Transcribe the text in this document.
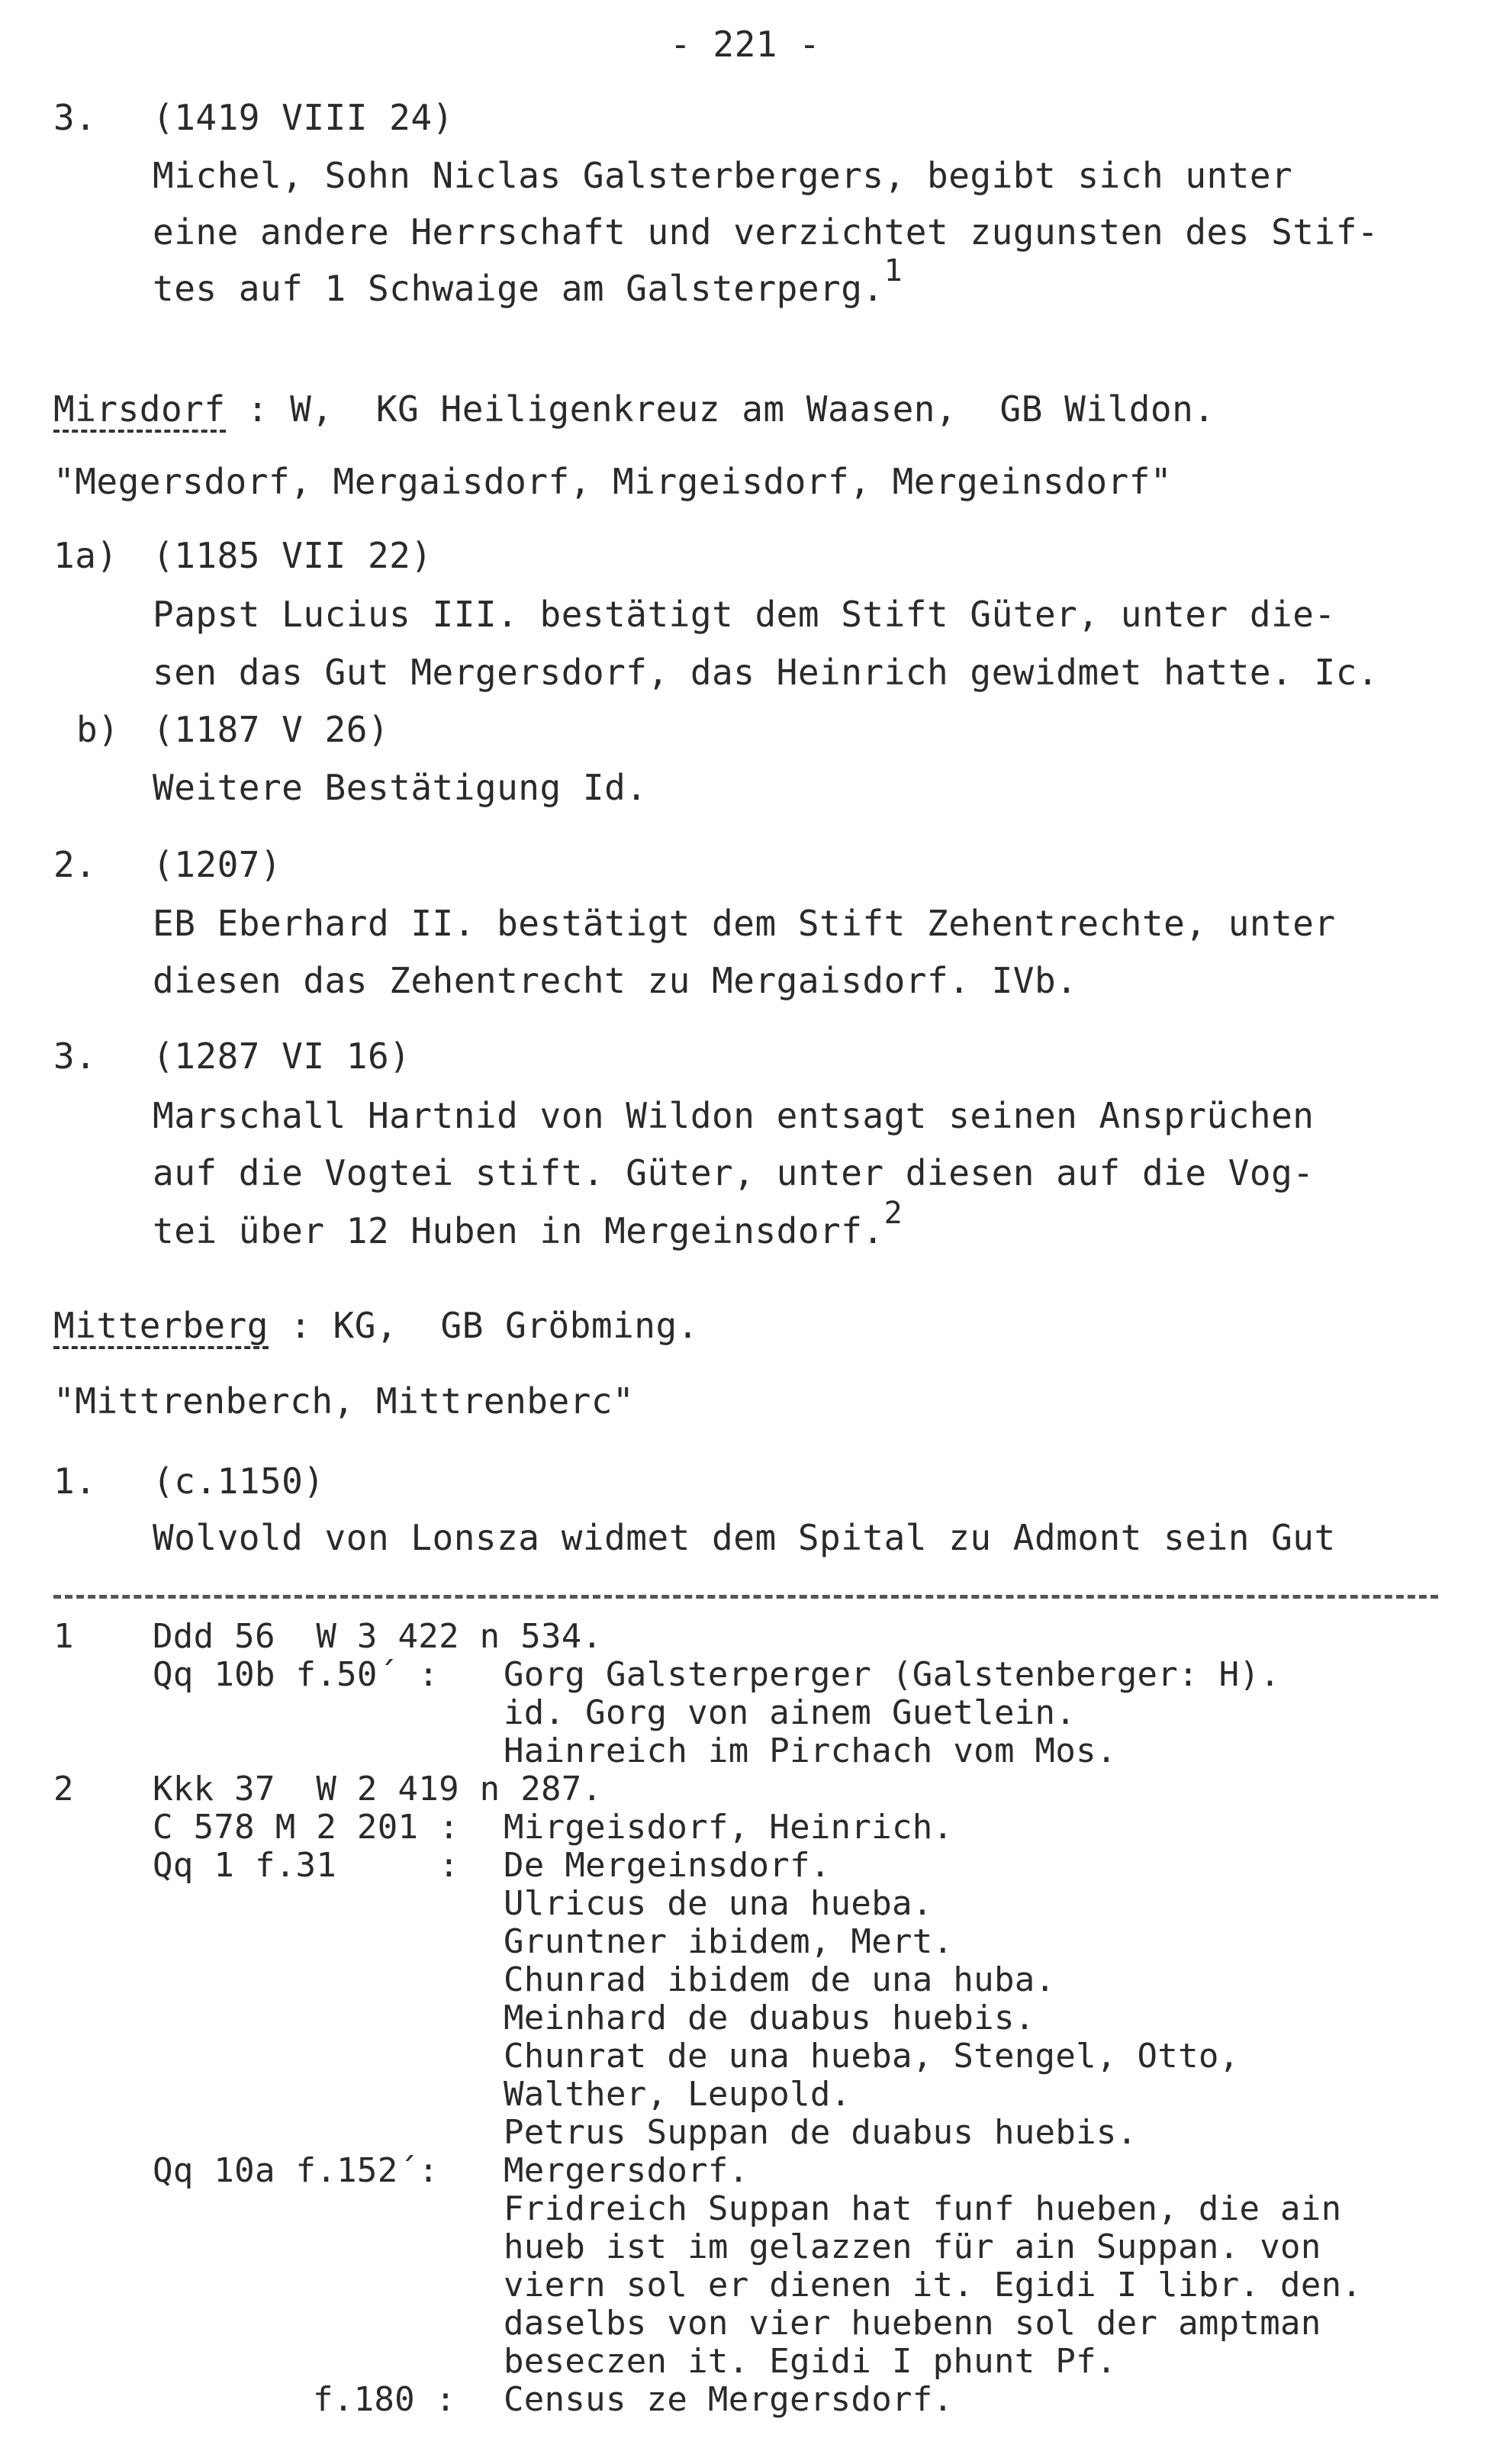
- 221 -
3. (1419 VIII 24)
Michel, Sohn Niclas Galsterbergers, begibt sich unter
eine andere Herrschaft und verzichtet zugunsten des Stif-
tes auf 1 Schwaige am Galsterperg.1
Mirsdorf : W,  KG Heiligenkreuz am Waasen,  GB Wildon.
"Megersdorf, Mergaisdorf, Mirgeisdorf, Mergeinsdorf"
1a) (1185 VII 22)
Papst Lucius III. bestätigt dem Stift Güter, unter die-
sen das Gut Mergersdorf, das Heinrich gewidmet hatte. Ic.
b) (1187 V 26)
Weitere Bestätigung Id.
2. (1207)
EB Eberhard II. bestätigt dem Stift Zehentrechte, unter
diesen das Zehentrecht zu Mergaisdorf. IVb.
3. (1287 VI 16)
Marschall Hartnid von Wildon entsagt seinen Ansprüchen
auf die Vogtei stift. Güter, unter diesen auf die Vog-
tei über 12 Huben in Mergeinsdorf.2
Mitterberg : KG,  GB Gröbming.
"Mittrenberch, Mittrenberc"
1. (c.1150)
Wolvold von Lonsza widmet dem Spital zu Admont sein Gut
1 Ddd 56  W 3 422 n 534.
Qq 10b f.50´ : Gorg Galsterperger (Galstenberger: H).
id. Gorg von ainem Guetlein.
Hainreich im Pirchach vom Mos.
2 Kkk 37  W 2 419 n 287.
C 578 M 2 201 : Mirgeisdorf, Heinrich.
Qq 1 f.31     : De Mergeinsdorf.
Ulricus de una hueba.
Gruntner ibidem, Mert.
Chunrad ibidem de una huba.
Meinhard de duabus huebis.
Chunrat de una hueba, Stengel, Otto,
Walther, Leupold.
Petrus Suppan de duabus huebis.
Qq 10a f.152´: Mergersdorf.
Fridreich Suppan hat funf hueben, die ain
hueb ist im gelazzen für ain Suppan. von
viern sol er dienen it. Egidi I libr. den.
daselbs von vier huebenn sol der amptman
beseczen it. Egidi I phunt Pf.
f.180 : Census ze Mergersdorf.
